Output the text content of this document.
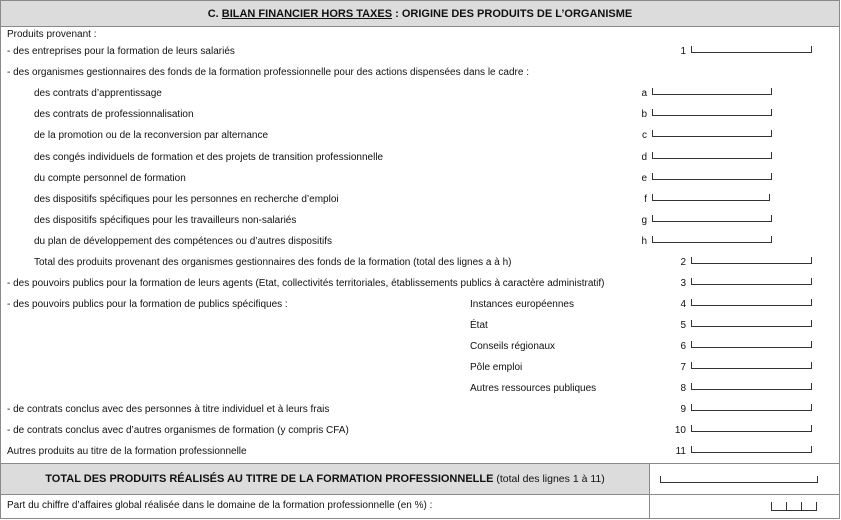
C. BILAN FINANCIER HORS TAXES : ORIGINE DES PRODUITS DE L’ORGANISME
Produits provenant :
- des entreprises pour la formation de leurs salariés	1
- des organismes gestionnaires des fonds de la formation professionnelle pour des actions dispensées dans le cadre :
des contrats d’apprentissage	a
des contrats de professionnalisation	b
de la promotion ou de la reconversion par alternance	c
des congés individuels de formation et des projets de transition professionnelle	d
du compte personnel de formation	e
des dispositifs spécifiques pour les personnes en recherche d’emploi	f
des dispositifs spécifiques pour les travailleurs non-salariés	g
du plan de développement des compétences ou d’autres dispositifs	h
Total des produits provenant des organismes gestionnaires des fonds de la formation (total des lignes a à h)	2
- des pouvoirs publics pour la formation de leurs agents (Etat, collectivités territoriales, établissements publics à caractère administratif)	3
- des pouvoirs publics pour la formation de publics spécifiques :	Instances européennes	4
État	5
Conseils régionaux	6
Pôle emploi	7
Autres ressources publiques	8
- de contrats conclus avec des personnes à titre individuel et à leurs frais	9
- de contrats conclus avec d’autres organismes de formation (y compris CFA)	10
Autres produits au titre de la formation professionnelle	11
TOTAL DES PRODUITS RÉALISÉS AU TITRE DE LA FORMATION PROFESSIONNELLE (total des lignes 1 à 11)
Part du chiffre d’affaires global réalisée dans le domaine de la formation professionnelle (en %) :
